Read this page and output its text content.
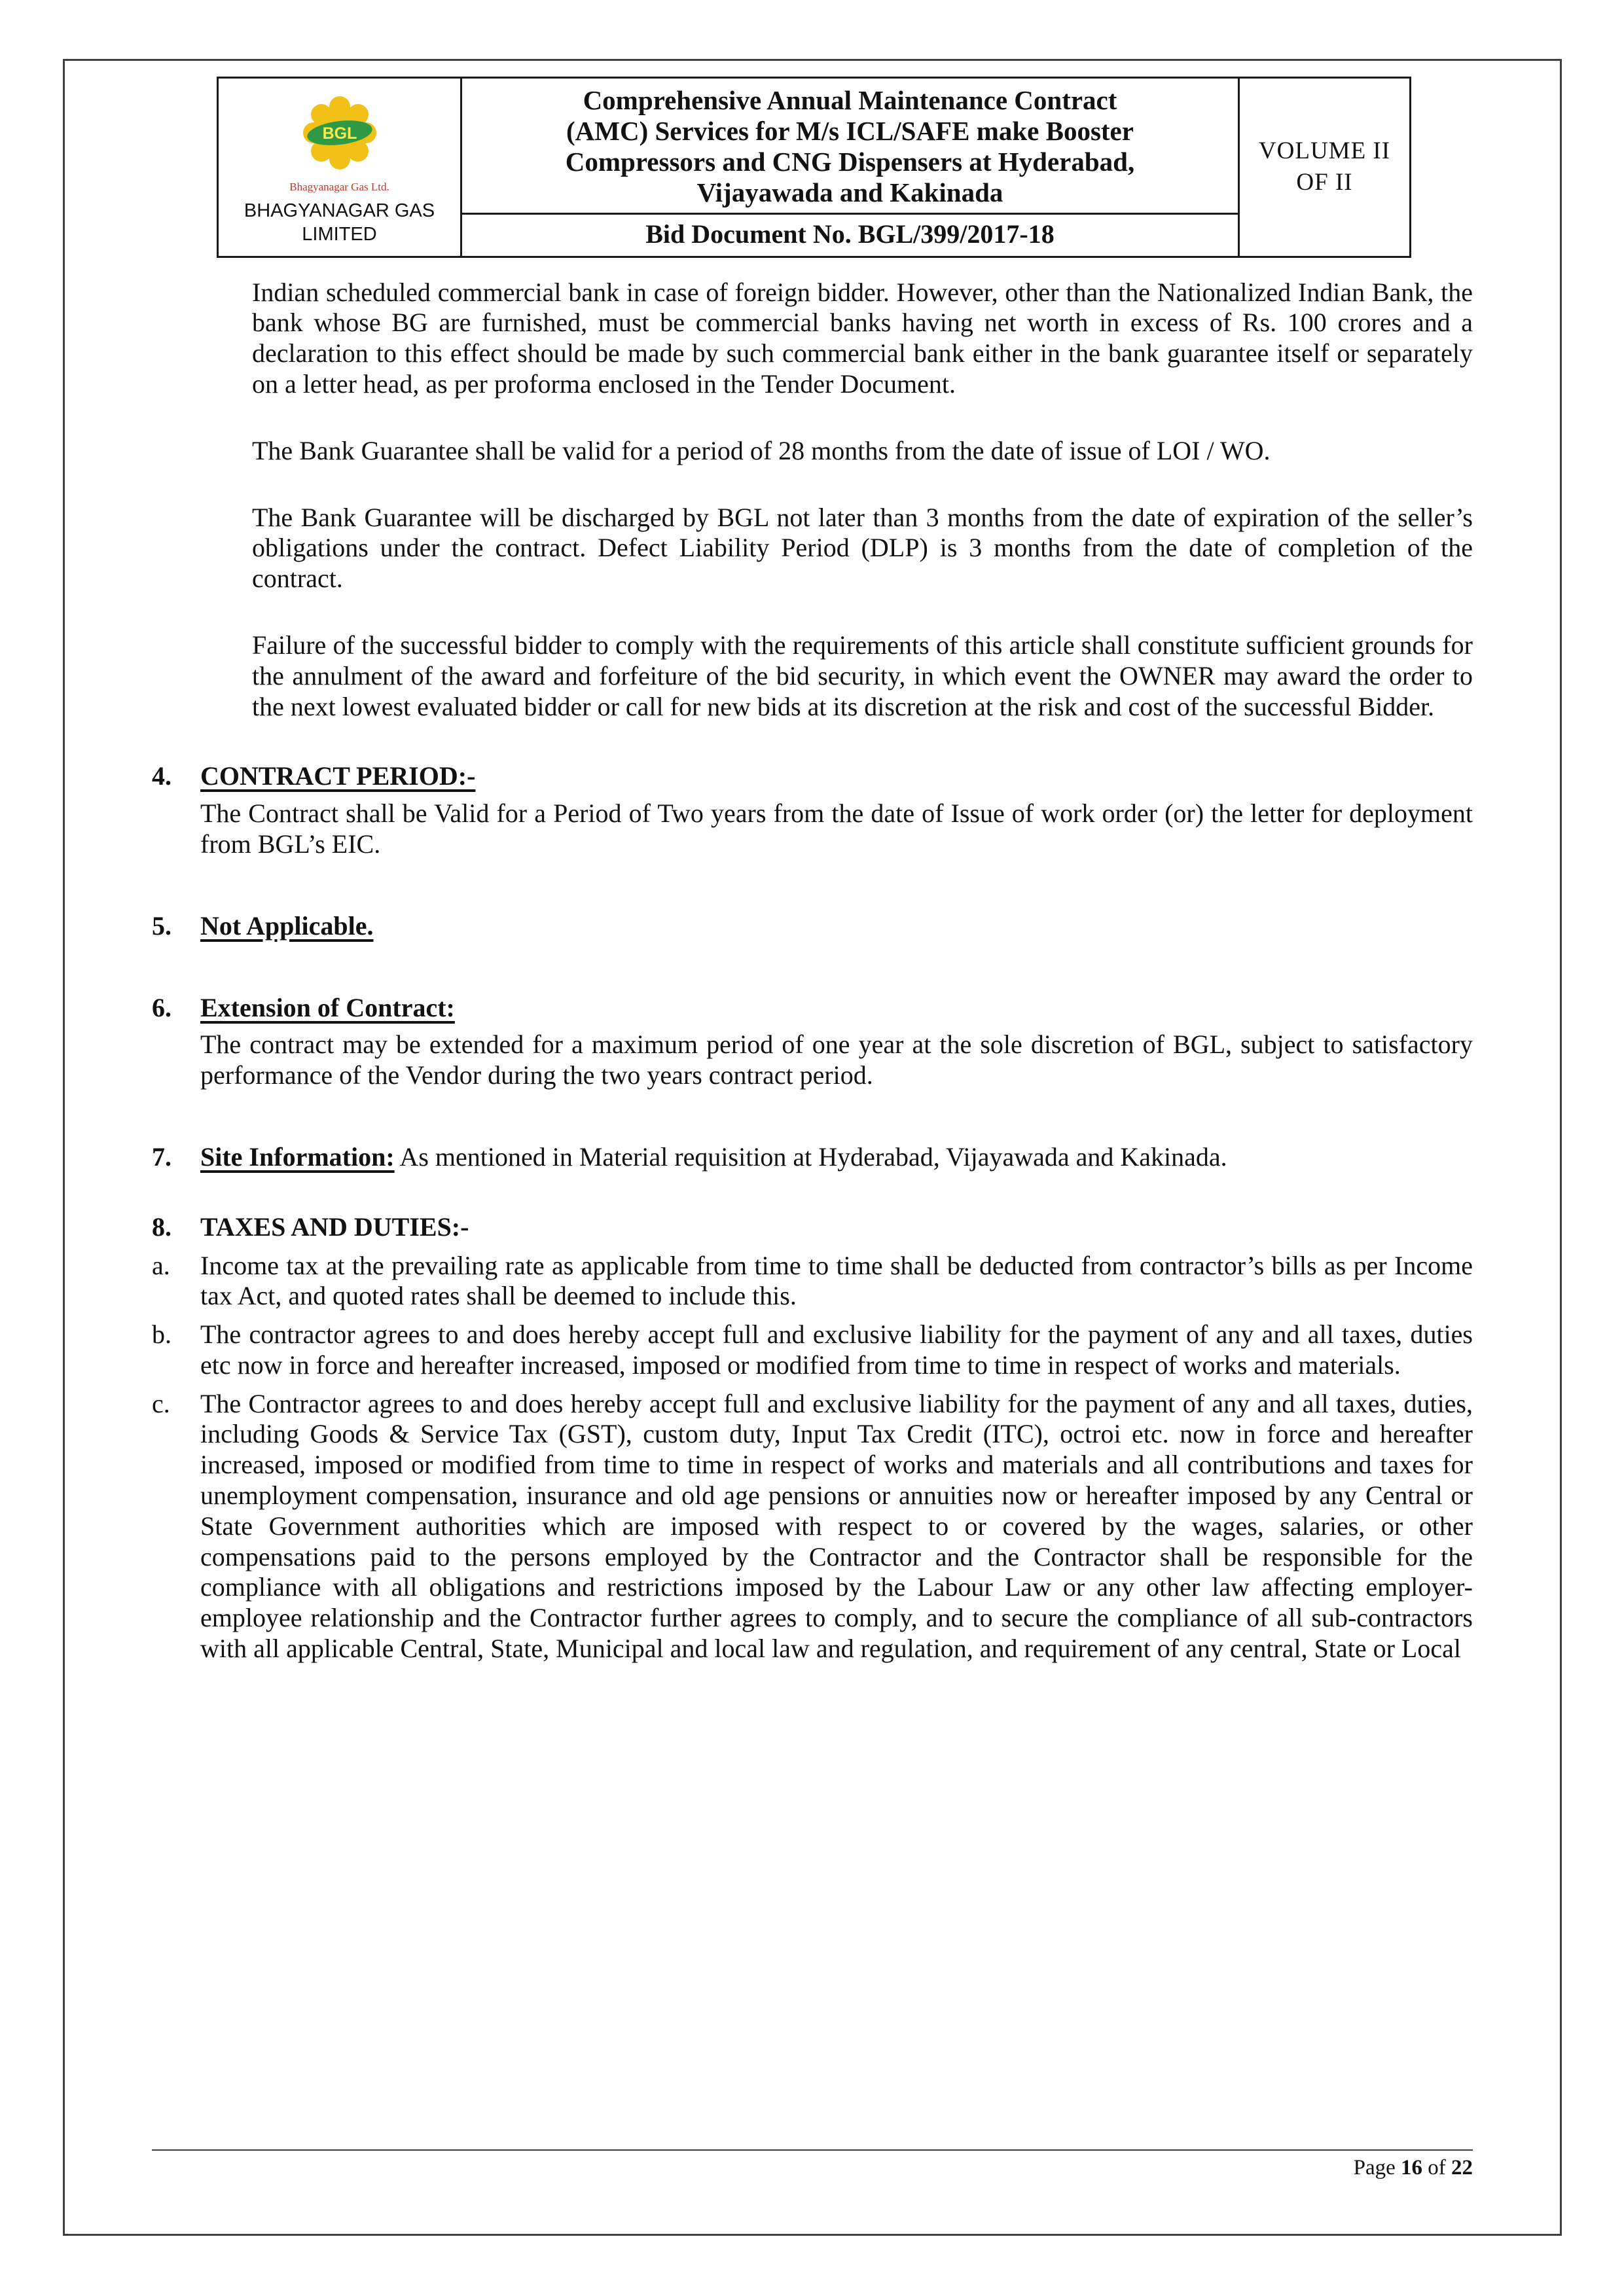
BGL
Bhagyanagar Gas Ltd.
BHAGYANAGAR GAS LIMITED

Comprehensive Annual Maintenance Contract
(AMC) Services for M/s ICL/SAFE make Booster
Compressors and CNG Dispensers at Hyderabad,
Vijayawada and Kakinada

VOLUME II
OF II

Bid Document No. BGL/399/2017-18

Indian scheduled commercial bank in case of foreign bidder. However, other than the Nationalized Indian Bank, the bank whose BG are furnished, must be commercial banks having net worth in excess of Rs. 100 crores and a declaration to this effect should be made by such commercial bank either in the bank guarantee itself or separately on a letter head, as per proforma enclosed in the Tender Document.

The Bank Guarantee shall be valid for a period of 28 months from the date of issue of LOI / WO.

The Bank Guarantee will be discharged by BGL not later than 3 months from the date of expiration of the seller’s obligations under the contract. Defect Liability Period (DLP) is 3 months from the date of completion of the contract.

Failure of the successful bidder to comply with the requirements of this article shall constitute sufficient grounds for the annulment of the award and forfeiture of the bid security, in which event the OWNER may award the order to the next lowest evaluated bidder or call for new bids at its discretion at the risk and cost of the successful Bidder.

4. CONTRACT PERIOD:-

The Contract shall be Valid for a Period of Two years from the date of Issue of work order (or) the letter for deployment from BGL’s EIC.

5. Not Applicable.
6. Extension of Contract:

The contract may be extended for a maximum period of one year at the sole discretion of BGL, subject to satisfactory performance of the Vendor during the two years contract period.

7. Site Information: As mentioned in Material requisition at Hyderabad, Vijayawada and Kakinada.
8. TAXES AND DUTIES:-
a.	Income tax at the prevailing rate as applicable from time to time shall be deducted from contractor’s bills as per Income tax Act, and quoted rates shall be deemed to include this.
b.	The contractor agrees to and does hereby accept full and exclusive liability for the payment of any and all taxes, duties etc now in force and hereafter increased, imposed or modified from time to time in respect of works and materials.
c.	The Contractor agrees to and does hereby accept full and exclusive liability for the payment of any and all taxes, duties, including Goods & Service Tax (GST), custom duty, Input Tax Credit (ITC), octroi etc. now in force and hereafter increased, imposed or modified from time to time in respect of works and materials and all contributions and taxes for unemployment compensation, insurance and old age pensions or annuities now or hereafter imposed by any Central or State Government authorities which are imposed with respect to or covered by the wages, salaries, or other compensations paid to the persons employed by the Contractor and the Contractor shall be responsible for the compliance with all obligations and restrictions imposed by the Labour Law or any other law affecting employer-employee relationship and the Contractor further agrees to comply, and to secure the compliance of all sub-contractors with all applicable Central, State, Municipal and local law and regulation, and requirement of any central, State or Local
Page 16 of 22
